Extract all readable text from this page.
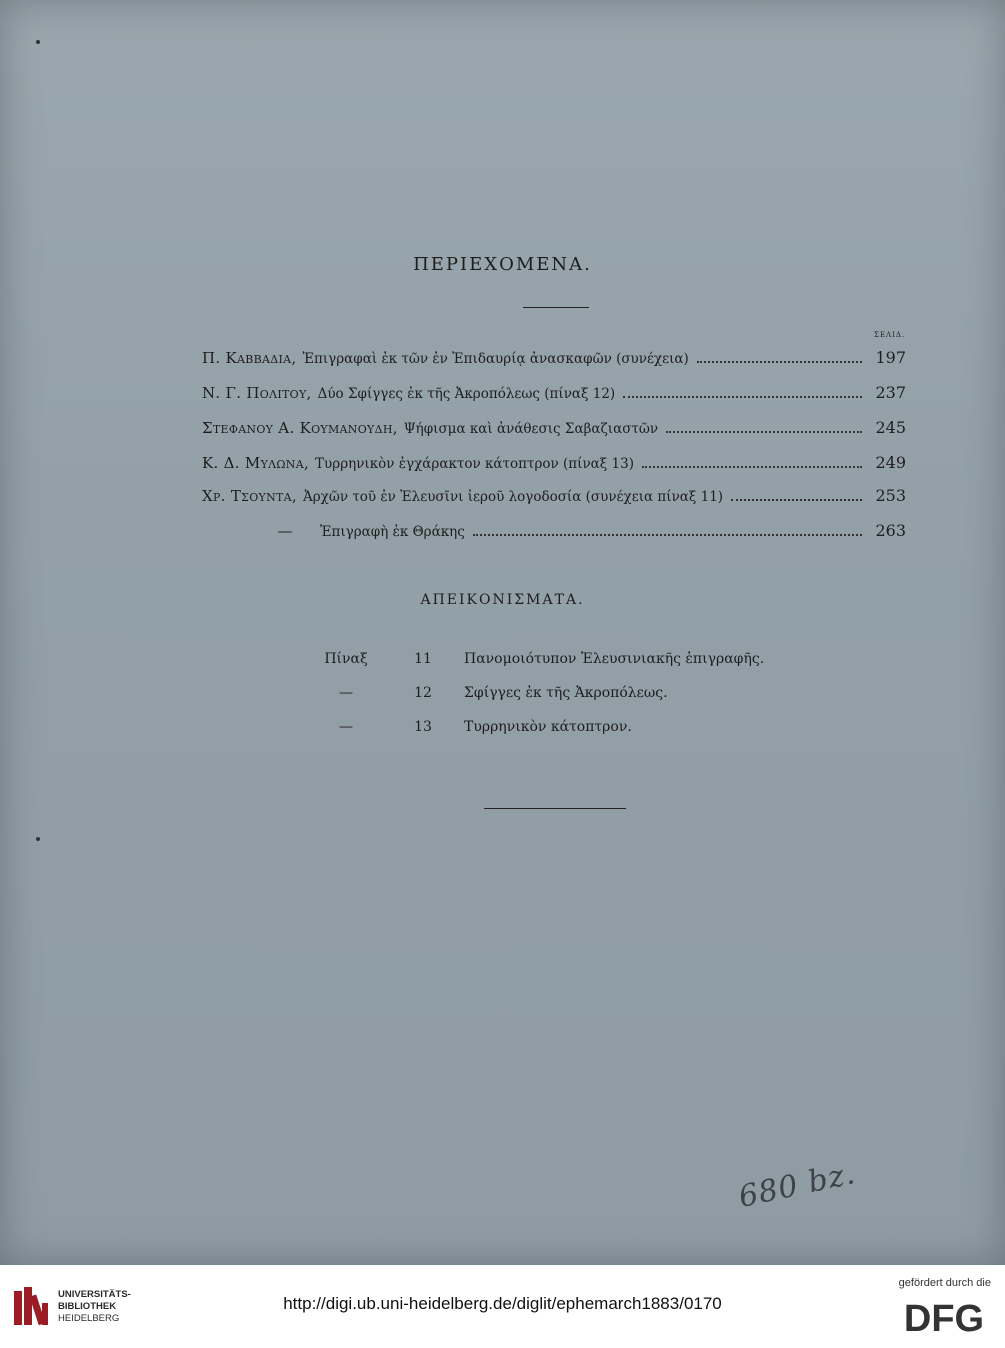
ΠΕΡΙΕΧΟΜΕΝΑ.
ΣΕΛΙΔ.
Π. Καββαδια, Ἐπιγραφαὶ ἐκ τῶν ἐν Ἐπιδαυρίᾳ ἀνασκαφῶν (συνέχεια)	197
Ν. Γ. Πολιτου, Δύο Σφίγγες ἐκ τῆς Ἀκροπόλεως (πίναξ 12)	237
Στεφανου Α. Κουμανουδη, Ψήφισμα καὶ ἀνάθεσις Σαβαζιαστῶν	245
Κ. Δ. Μυλωνα, Τυρρηνικὸν ἐγχάρακτον κάτοπτρον (πίναξ 13)	249
Χρ. Τσουντα, Ἀρχῶν τοῦ ἐν Ἐλευσῖνι ἱεροῦ λογοδοσία (συνέχεια πίναξ 11)	253
—	Ἐπιγραφὴ ἐκ Θράκης	263
ΑΠΕΙΚΟΝΙΣΜΑΤΑ.
Πίναξ	11	Πανομοιότυπον Ἐλευσινιακῆς ἐπιγραφῆς.
—	12	Σφίγγες ἐκ τῆς Ἀκροπόλεως.
—	13	Τυρρηνικὸν κάτοπτρον.
680 bz.
UNIVERSITÄTS-
BIBLIOTHEK
HEIDELBERG
http://digi.ub.uni-heidelberg.de/diglit/ephemarch1883/0170
gefördert durch die
DFG
